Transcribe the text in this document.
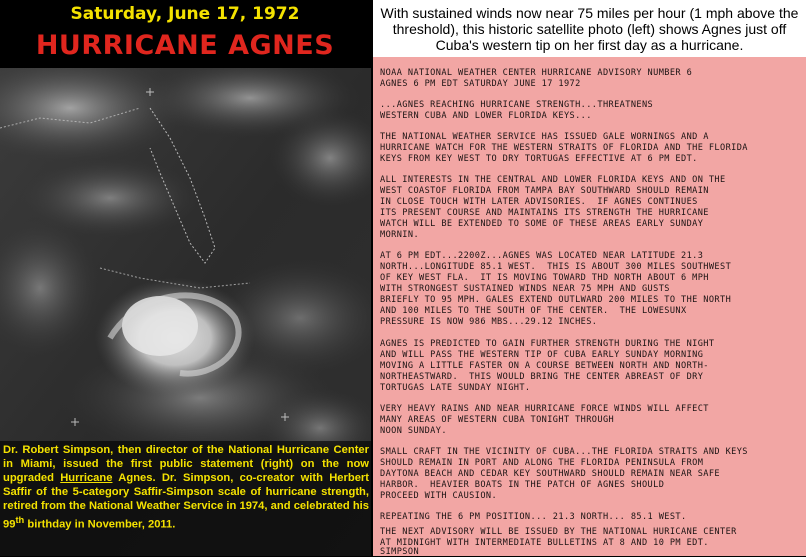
Saturday, June 17, 1972
HURRICANE AGNES

Dr. Robert Simpson, then director of the National Hurricane Center in Miami, issued the first public statement (right) on the now upgraded Hurricane Agnes. Dr. Simpson, co-creator with Herbert Saffir of the 5-category Saffir-Simpson scale of hurricane strength, retired from the National Weather Service in 1974, and celebrated his 99th birthday in November, 2011.

With sustained winds now near 75 miles per hour (1 mph above the threshold), this historic satellite photo (left) shows Agnes just off Cuba's western tip on her first day as a hurricane.

NOAA NATIONAL WEATHER CENTER HURRICANE ADVISORY NUMBER 6

AGNES 6 PM EDT SATURDAY JUNE 17 1972

...AGNES REACHING HURRICANE STRENGTH...THREATNENS

WESTERN CUBA AND LOWER FLORIDA KEYS...

THE NATIONAL WEATHER SERVICE HAS ISSUED GALE WORNINGS AND A

HURRICANE WATCH FOR THE WESTERN STRAITS OF FLORIDA AND THE FLORIDA

KEYS FROM KEY WEST TO DRY TORTUGAS EFFECTIVE AT 6 PM EDT.

ALL INTERESTS IN THE CENTRAL AND LOWER FLORIDA KEYS AND ON THE

WEST COASTOF FLORIDA FROM TAMPA BAY SOUTHWARD SHOULD REMAIN

IN CLOSE TOUCH WITH LATER ADVISORIES.  IF AGNES CONTINUES

ITS PRESENT COURSE AND MAINTAINS ITS STRENGTH THE HURRICANE

WATCH WILL BE EXTENDED TO SOME OF THESE AREAS EARLY SUNDAY

MORNIN.

AT 6 PM EDT...2200Z...AGNES WAS LOCATED NEAR LATITUDE 21.3

NORTH...LONGITUDE 85.1 WEST.  THIS IS ABOUT 300 MILES SOUTHWEST

OF KEY WEST FLA.  IT IS MOVING TOWARD THD NORTH ABOUT 6 MPH

WITH STRONGEST SUSTAINED WINDS NEAR 75 MPH AND GUSTS

BRIEFLY TO 95 MPH. GALES EXTEND OUTLWARD 200 MILES TO THE NORTH

AND 100 MILES TO THE SOUTH OF THE CENTER.  THE LOWESUNX

PRESSURE IS NOW 986 MBS...29.12 INCHES.

AGNES IS PREDICTED TO GAIN FURTHER STRENGTH DURING THE NIGHT

AND WILL PASS THE WESTERN TIP OF CUBA EARLY SUNDAY MORNING

MOVING A LITTLE FASTER ON A COURSE BETWEEN NORTH AND NORTH-

NORTHEASTWARD.  THIS WOULD BRING THE CENTER ABREAST OF DRY

TORTUGAS LATE SUNDAY NIGHT.

VERY HEAVY RAINS AND NEAR HURRICANE FORCE WINDS WILL AFFECT

MANY AREAS OF WESTERN CUBA TONIGHT THROUGH

NOON SUNDAY.

SMALL CRAFT IN THE VICINITY OF CUBA...THE FLORIDA STRAITS AND KEYS

SHOULD REMAIN IN PORT AND ALONG THE FLORIDA PENINSULA FROM

DAYTONA BEACH AND CEDAR KEY SOUTHWARD SHOULD REMAIN NEAR SAFE

HARBOR.  HEAVIER BOATS IN THE PATCH OF AGNES SHOULD

PROCEED WITH CAUSION.

REPEATING THE 6 PM POSITION... 21.3 NORTH... 85.1 WEST.

THE NEXT ADVISORY WILL BE ISSUED BY THE NATIONAL HURICANE CENTER

AT MIDNIGHT WITH INTERMEDIATE BULLETINS AT 8 AND 10 PM EDT.

SIMPSON
